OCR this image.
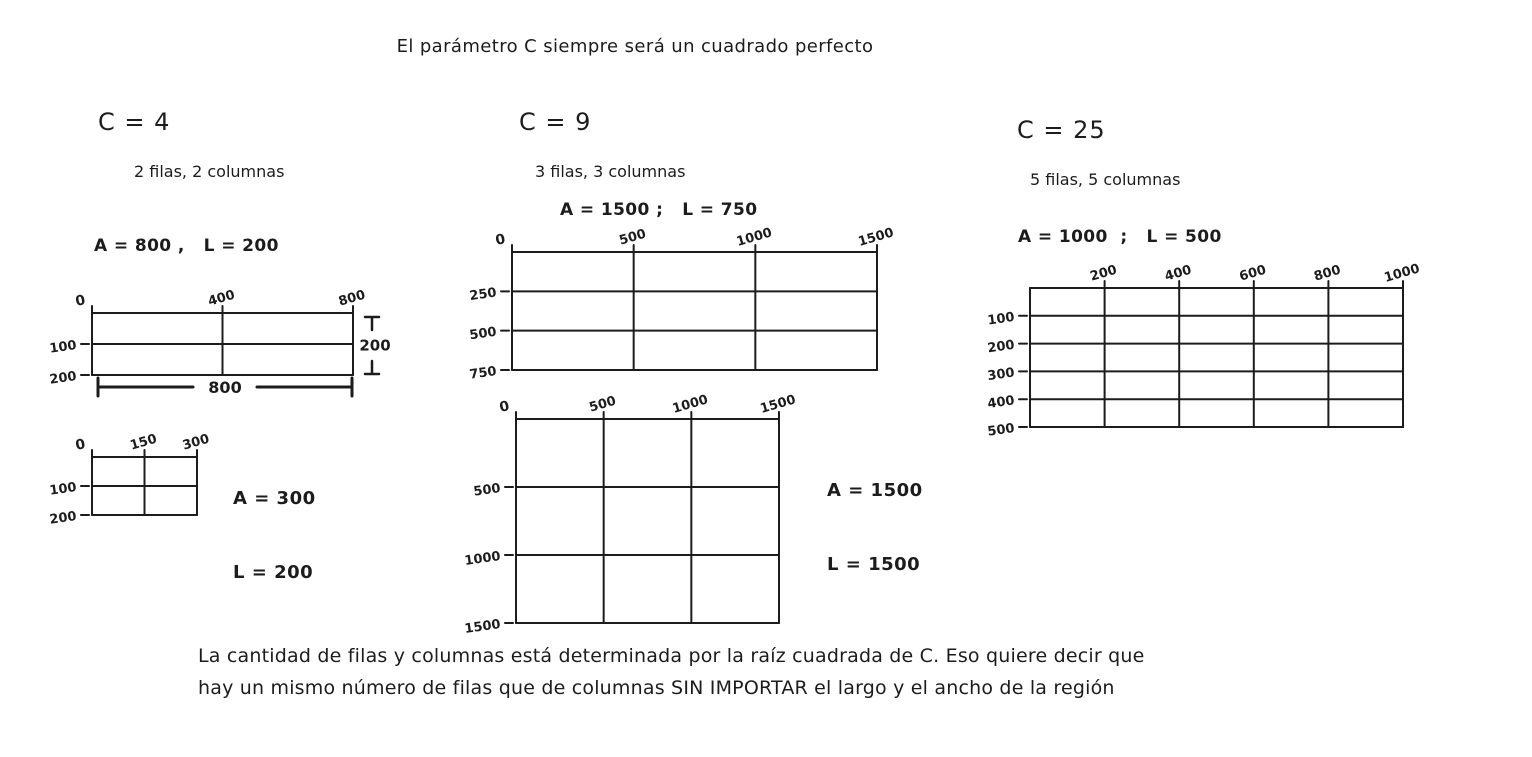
0	400	800
100
200
200
800
0	150 300
100
200
0	500	1000	1500
250
500
750
0	500	1000	1500
500
1000
1500
200	400	600	800	1000
100
200
300
400
500
El parámetro C siempre será un cuadrado perfecto
C = 4
2 filas, 2 columnas
A = 800 ,   L = 200

A = 300

L = 200

C = 9
3 filas, 3 columnas
A = 1500 ;   L = 750

A = 1500

L = 1500

C = 25
5 filas, 5 columnas
A = 1000  ;   L = 500
La cantidad de filas y columnas está determinada por la raíz cuadrada de C. Eso quiere decir que
hay un mismo número de filas que de columnas SIN IMPORTAR el largo y el ancho de la región
